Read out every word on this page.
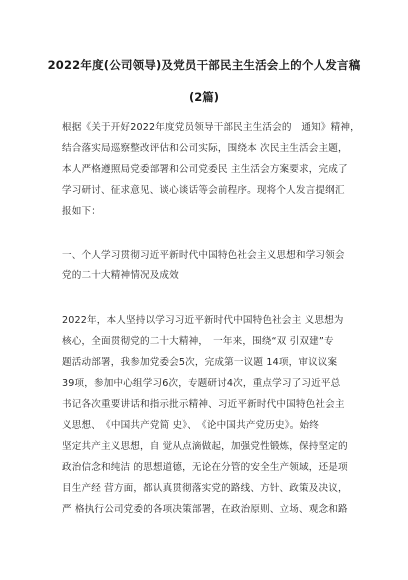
2022年度(公司领导)及党员干部民主生活会上的个人发言稿
(2篇)
根据《关于开好2022年度党员领导干部民主生活会的　通知》精神，
结合落实局巡察整改评估和公司实际，围绕本 次民主生活会主题，
本人严格遵照局党委部署和公司党委民 主生活会方案要求，完成了
学习研讨、征求意见、谈心谈话等会前程序。现将个人发言提纲汇
报如下：
一、个人学习贯彻习近平新时代中国特色社会主义思想和学习领会
党的二十大精神情况及成效
2022年，本人坚持以学习习近平新时代中国特色社会主 义思想为
核心，全面贯彻党的二十大精神，　一年来，围绕“双 引双建”专
题活动部署，我参加党委会5次，完成第一议题 14项，审议议案
39项，参加中心组学习6次，专题研讨4次，重点学习了习近平总
书记各次重要讲话和指示批示精神、习近平新时代中国特色社会主
义思想、　《中国共产党简 史》、　《论中国共产党历史》。始终
坚定共产主义思想，自 觉从点滴做起，加强党性锻炼，保持坚定的
政治信念和纯洁 的思想道德，无论在分管的安全生产领域，还是项
目生产经 营方面，都认真贯彻落实党的路线、方针、政策及决议，
严 格执行公司党委的各项决策部署，在政治原则、立场、观念和路
